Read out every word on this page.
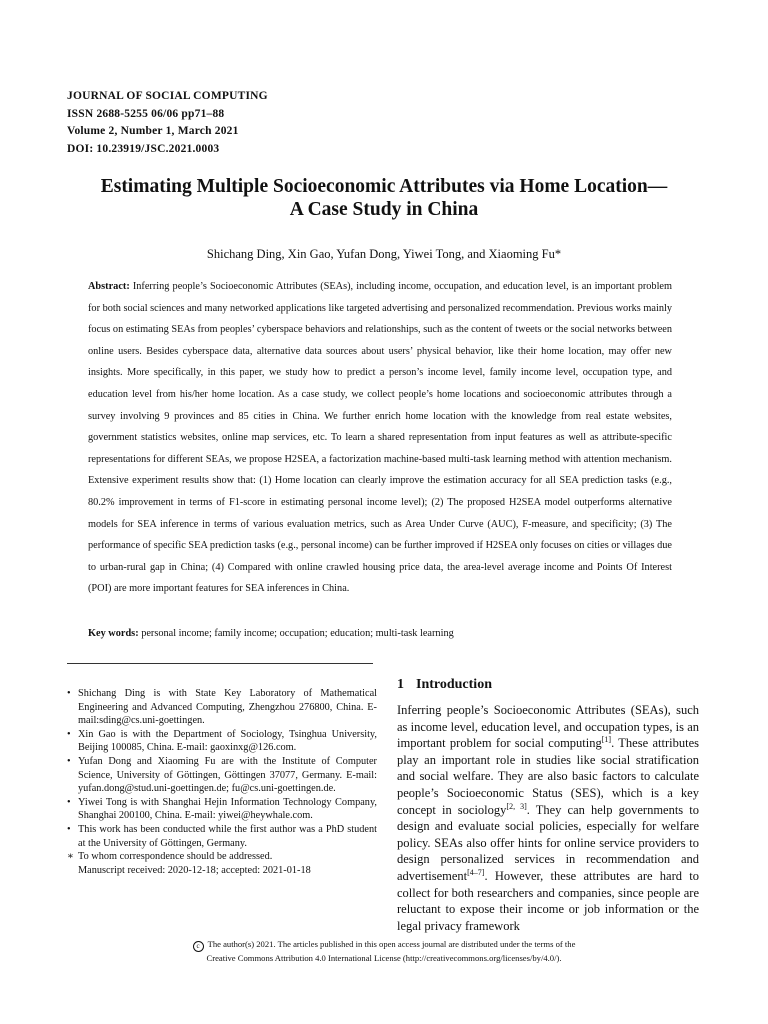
JOURNAL OF SOCIAL COMPUTING
ISSN 2688-5255 06/06 pp71–88
Volume 2, Number 1, March 2021
DOI: 10.23919/JSC.2021.0003
Estimating Multiple Socioeconomic Attributes via Home Location—
A Case Study in China
Shichang Ding, Xin Gao, Yufan Dong, Yiwei Tong, and Xiaoming Fu*
Abstract: Inferring people’s Socioeconomic Attributes (SEAs), including income, occupation, and education level, is an important problem for both social sciences and many networked applications like targeted advertising and personalized recommendation. Previous works mainly focus on estimating SEAs from peoples’ cyberspace behaviors and relationships, such as the content of tweets or the social networks between online users. Besides cyberspace data, alternative data sources about users’ physical behavior, like their home location, may offer new insights. More specifically, in this paper, we study how to predict a person’s income level, family income level, occupation type, and education level from his/her home location. As a case study, we collect people’s home locations and socioeconomic attributes through a survey involving 9 provinces and 85 cities in China. We further enrich home location with the knowledge from real estate websites, government statistics websites, online map services, etc. To learn a shared representation from input features as well as attribute-specific representations for different SEAs, we propose H2SEA, a factorization machine-based multi-task learning method with attention mechanism. Extensive experiment results show that: (1) Home location can clearly improve the estimation accuracy for all SEA prediction tasks (e.g., 80.2% improvement in terms of F1-score in estimating personal income level); (2) The proposed H2SEA model outperforms alternative models for SEA inference in terms of various evaluation metrics, such as Area Under Curve (AUC), F-measure, and specificity; (3) The performance of specific SEA prediction tasks (e.g., personal income) can be further improved if H2SEA only focuses on cities or villages due to urban-rural gap in China; (4) Compared with online crawled housing price data, the area-level average income and Points Of Interest (POI) are more important features for SEA inferences in China.
Key words: personal income; family income; occupation; education; multi-task learning
• Shichang Ding is with State Key Laboratory of Mathematical Engineering and Advanced Computing, Zhengzhou 276800, China. E-mail:sding@cs.uni-goettingen.
• Xin Gao is with the Department of Sociology, Tsinghua University, Beijing 100085, China. E-mail: gaoxinxg@126.com.
• Yufan Dong and Xiaoming Fu are with the Institute of Computer Science, University of Göttingen, Göttingen 37077, Germany. E-mail: yufan.dong@stud.uni-goettingen.de; fu@cs.uni-goettingen.de.
• Yiwei Tong is with Shanghai Hejin Information Technology Company, Shanghai 200100, China. E-mail: yiwei@heywhale.com.
• This work has been conducted while the first author was a PhD student at the University of Göttingen, Germany.
∗ To whom correspondence should be addressed.
Manuscript received: 2020-12-18; accepted: 2021-01-18
1 Introduction
Inferring people’s Socioeconomic Attributes (SEAs), such as income level, education level, and occupation types, is an important problem for social computing[1]. These attributes play an important role in studies like social stratification and social welfare. They are also basic factors to calculate people’s Socioeconomic Status (SES), which is a key concept in sociology[2, 3]. They can help governments to design and evaluate social policies, especially for welfare policy. SEAs also offer hints for online service providers to design personalized services in recommendation and advertisement[4–7]. However, these attributes are hard to collect for both researchers and companies, since people are reluctant to expose their income or job information or the legal privacy framework
c The author(s) 2021. The articles published in this open access journal are distributed under the terms of the
Creative Commons Attribution 4.0 International License (http://creativecommons.org/licenses/by/4.0/).
